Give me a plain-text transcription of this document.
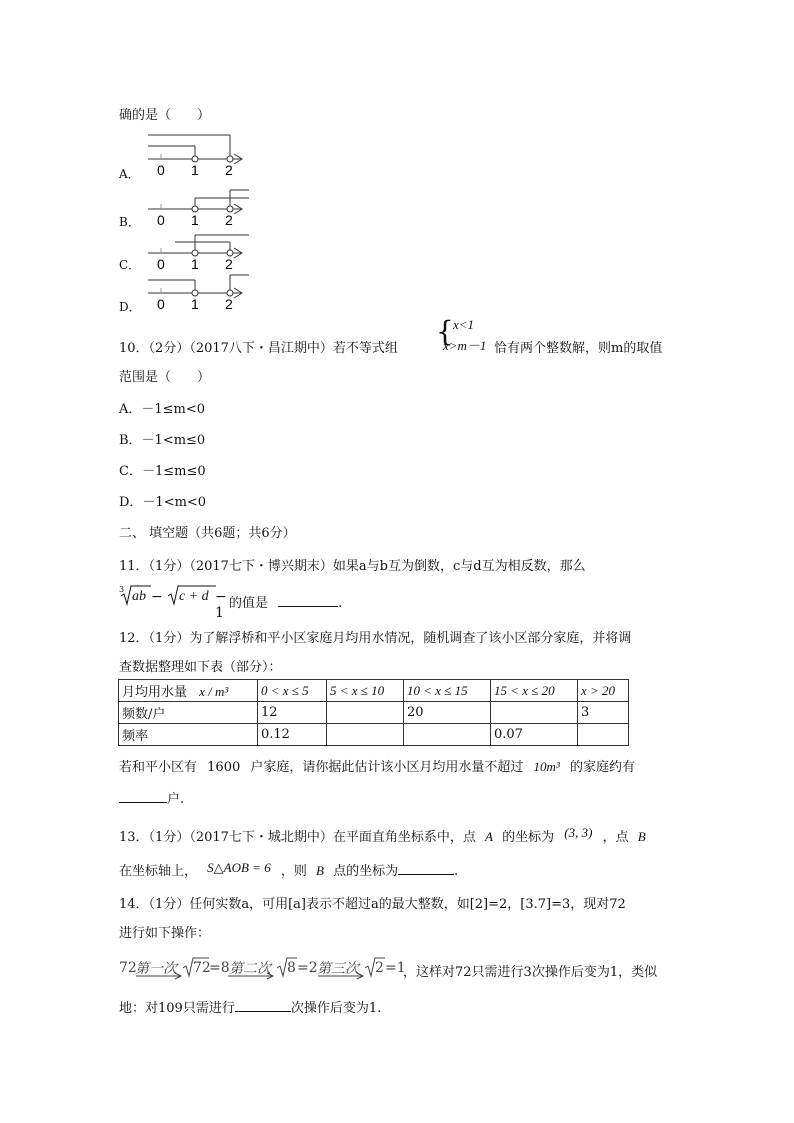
确的是（　　）
A． 0 1 2
B． 0 1 2
C． 0 1 2
D． 0 1 2
10．（2分）（2017八下・昌江期中）若不等式组
{ x<1
x>m－1 恰有两个整数解，则m的取值
范围是（　　）
A．－1≤m<0
B．－1<m≤0
C．－1≤m≤0
D．－1<m<0
二、 填空题（共6题；共6分）
11．（1分）（2017七下・博兴期末）如果a与b互为倒数，c与d互为相反数，那么
3 ab − c + d − 1
的值是	.
12．（1分）为了解浮桥和平小区家庭月均用水情况，随机调查了该小区部分家庭，并将调
查数据整理如下表（部分）：
月均用水量 x / m³	0 < x ≤ 5	5 < x ≤ 10	10 < x ≤ 15	15 < x ≤ 20	x > 20
频数/户	12		20		3
频率	0.12			0.07	
若和平小区有 1600 户家庭，请你据此估计该小区月均用水量不超过 10m³ 的家庭约有
户.
13．（1分）（2017七下・城北期中）在平面直角坐标系中，点 A 的坐标为 (3, 3) ，点 B
在坐标轴上， S△AOB = 6 ，则 B 点的坐标为	.
14．（1分）任何实数a，可用[a]表示不超过a的最大整数，如[2]=2，[3.7]=3，现对72
进行如下操作：
72
第一次 72
=8 第二次 8 =2 第三次 2 =1
，这样对72只需进行3次操作后变为1，类似
地：对109只需进行	次操作后变为1.
